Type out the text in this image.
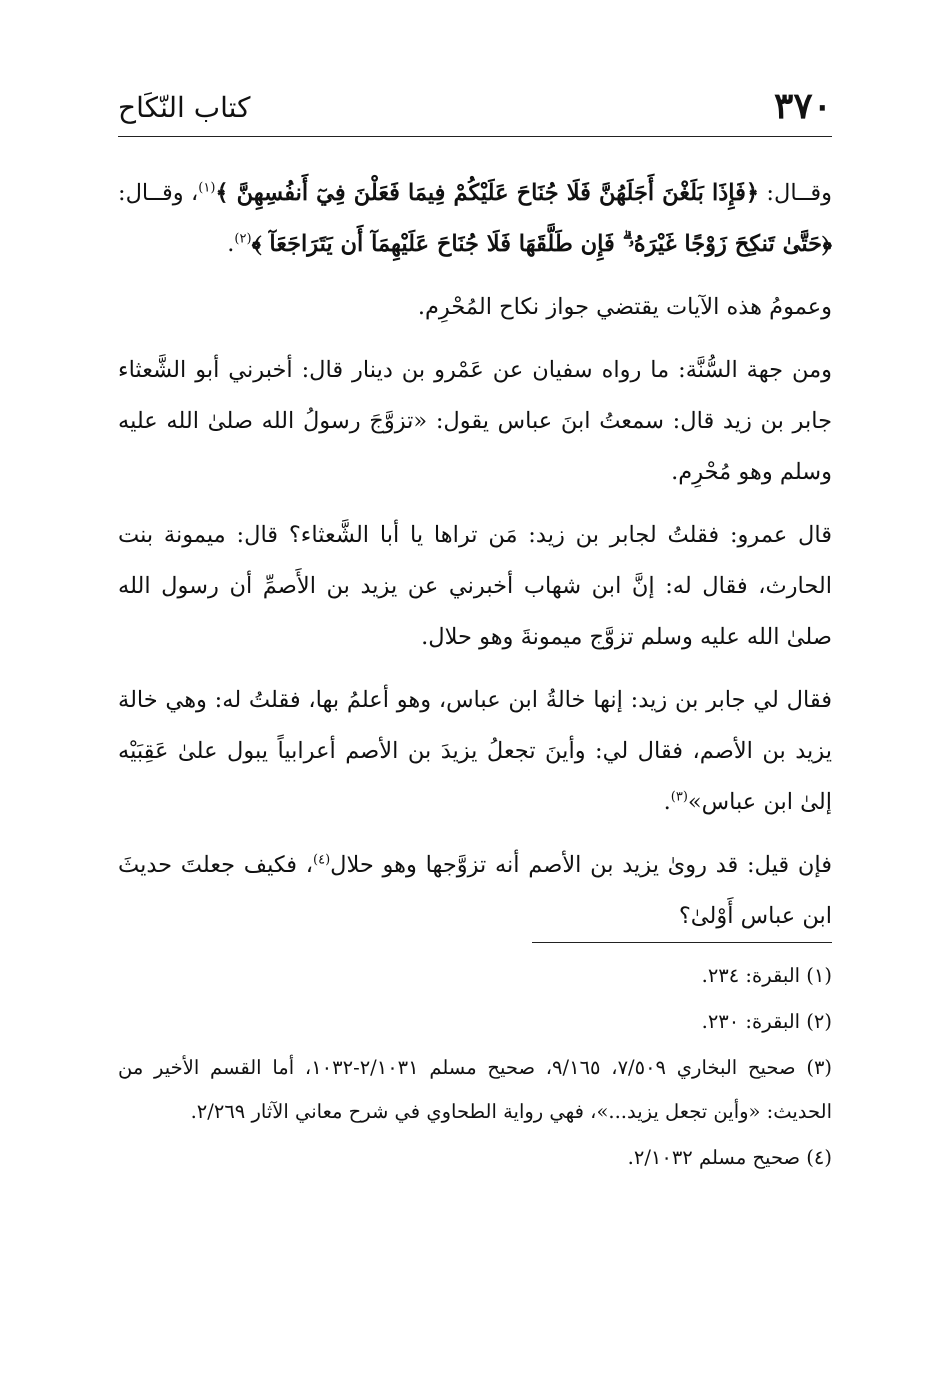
٣٧٠
كتاب النّكَاح

وقــال: ﴿فَإِذَا بَلَغْنَ أَجَلَهُنَّ فَلَا جُنَاحَ عَلَيْكُمْ فِيمَا فَعَلْنَ فِيٓ أَنفُسِهِنَّ ﴾$^{(١)}$، وقــال: ﴿حَتَّىٰ تَنكِحَ زَوْجًا غَيْرَهُۥ ۗ فَإِن طَلَّقَهَا فَلَا جُنَاحَ عَلَيْهِمَآ أَن يَتَرَاجَعَآ ﴾$^{(٢)}$.

وعمومُ هذه الآيات يقتضي جواز نكاح المُحْرِم.

ومن جهة السُّنَّة: ما رواه سفيان عن عَمْرو بن دينار قال: أخبرني أبو الشَّعثاء جابر بن زيد قال: سمعتُ ابنَ عباس يقول: «تزوَّجَ رسولُ الله صلىٰ الله عليه وسلم وهو مُحْرِم.

قال عمرو: فقلتُ لجابر بن زيد: مَن تراها يا أبا الشَّعثاء؟ قال: ميمونة بنت الحارث، فقال له: إنَّ ابن شهاب أخبرني عن يزيد بن الأَصمِّ أن رسول الله صلىٰ الله عليه وسلم تزوَّج ميمونةَ وهو حلال.

فقال لي جابر بن زيد: إنها خالةُ ابن عباس، وهو أعلمُ بها، فقلتُ له: وهي خالة يزيد بن الأصم، فقال لي: وأينَ تجعلُ يزيدَ بن الأصم أعرابياً يبول علىٰ عَقِبَيْه إلىٰ ابن عباس»$^{(٣)}$.

فإن قيل: قد روىٰ يزيد بن الأصم أنه تزوَّجها وهو حلال$^{(٤)}$، فكيف جعلتَ حديثَ ابن عباس أَوْلىٰ؟

(١) البقرة: ٢٣٤.

(٢) البقرة: ٢٣٠.

(٣) صحيح البخاري ٧/٥٠٩، ٩/١٦٥، صحيح مسلم ٢/١٠٣١-١٠٣٢، أما القسم الأخير من الحديث: «وأين تجعل يزيد...»، فهي رواية الطحاوي في شرح معاني الآثار ٢/٢٦٩.

(٤) صحيح مسلم ٢/١٠٣٢.
